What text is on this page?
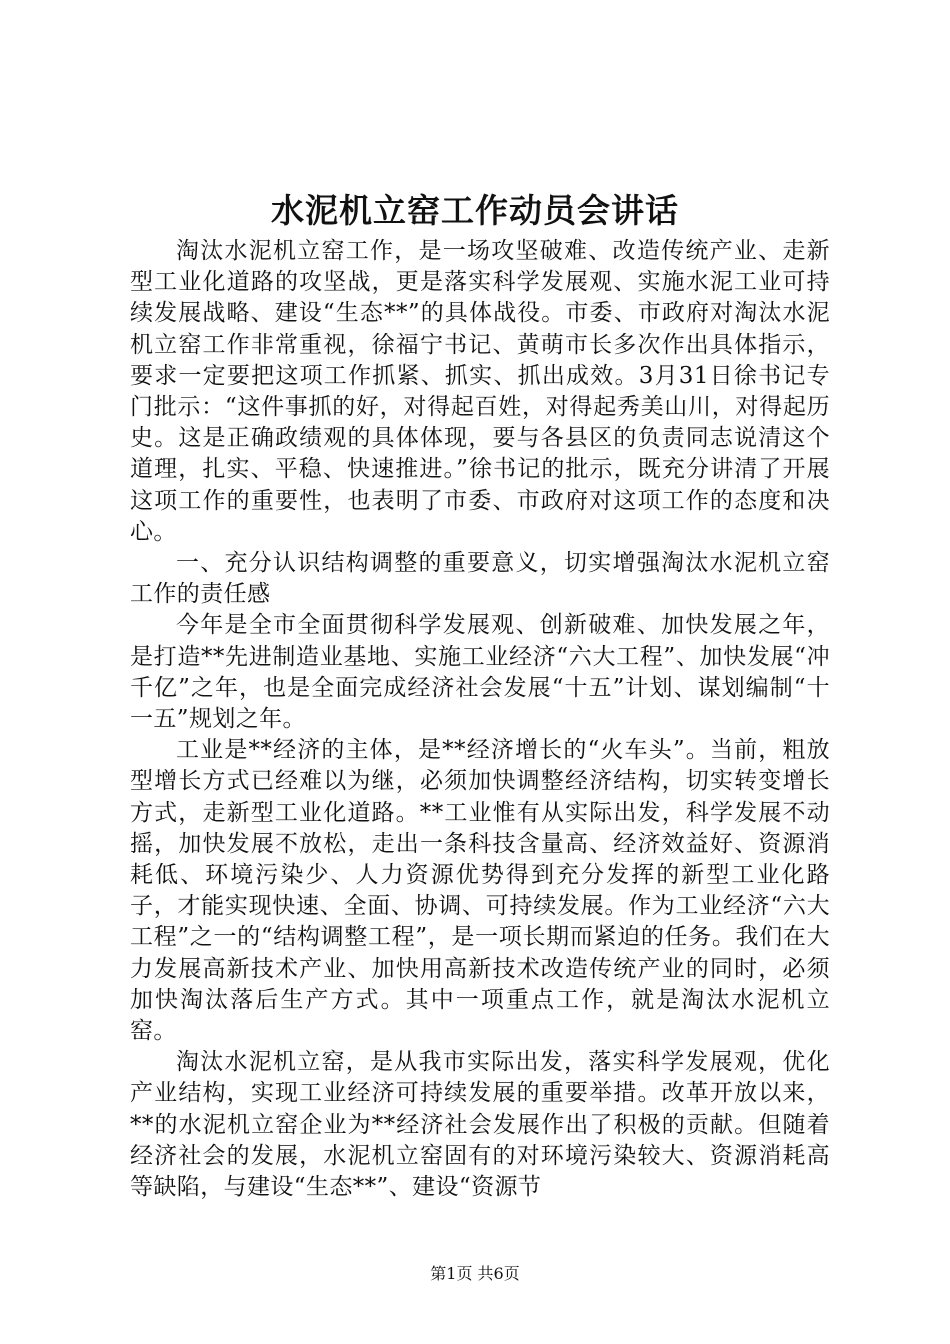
水泥机立窑工作动员会讲话

淘汰水泥机立窑工作，是一场攻坚破难、改造传统产业、走新型工业化道路的攻坚战，更是落实科学发展观、实施水泥工业可持续发展战略、建设“生态**”的具体战役。市委、市政府对淘汰水泥机立窑工作非常重视，徐福宁书记、黄萌市长多次作出具体指示，要求一定要把这项工作抓紧、抓实、抓出成效。3月31日徐书记专门批示：“这件事抓的好，对得起百姓，对得起秀美山川，对得起历史。这是正确政绩观的具体体现，要与各县区的负责同志说清这个道理，扎实、平稳、快速推进。”徐书记的批示，既充分讲清了开展这项工作的重要性，也表明了市委、市政府对这项工作的态度和决心。

一、充分认识结构调整的重要意义，切实增强淘汰水泥机立窑工作的责任感

今年是全市全面贯彻科学发展观、创新破难、加快发展之年，是打造**先进制造业基地、实施工业经济“六大工程”、加快发展“冲千亿”之年，也是全面完成经济社会发展“十五”计划、谋划编制“十一五”规划之年。

工业是**经济的主体，是**经济增长的“火车头”。当前，粗放型增长方式已经难以为继，必须加快调整经济结构，切实转变增长方式，走新型工业化道路。**工业惟有从实际出发，科学发展不动摇，加快发展不放松，走出一条科技含量高、经济效益好、资源消耗低、环境污染少、人力资源优势得到充分发挥的新型工业化路子，才能实现快速、全面、协调、可持续发展。作为工业经济“六大工程”之一的“结构调整工程”，是一项长期而紧迫的任务。我们在大力发展高新技术产业、加快用高新技术改造传统产业的同时，必须加快淘汰落后生产方式。其中一项重点工作，就是淘汰水泥机立窑。

淘汰水泥机立窑，是从我市实际出发，落实科学发展观，优化产业结构，实现工业经济可持续发展的重要举措。改革开放以来，**的水泥机立窑企业为**经济社会发展作出了积极的贡献。但随着经济社会的发展，水泥机立窑固有的对环境污染较大、资源消耗高等缺陷，与建设“生态**”、建设“资源节

第1页 共6页
